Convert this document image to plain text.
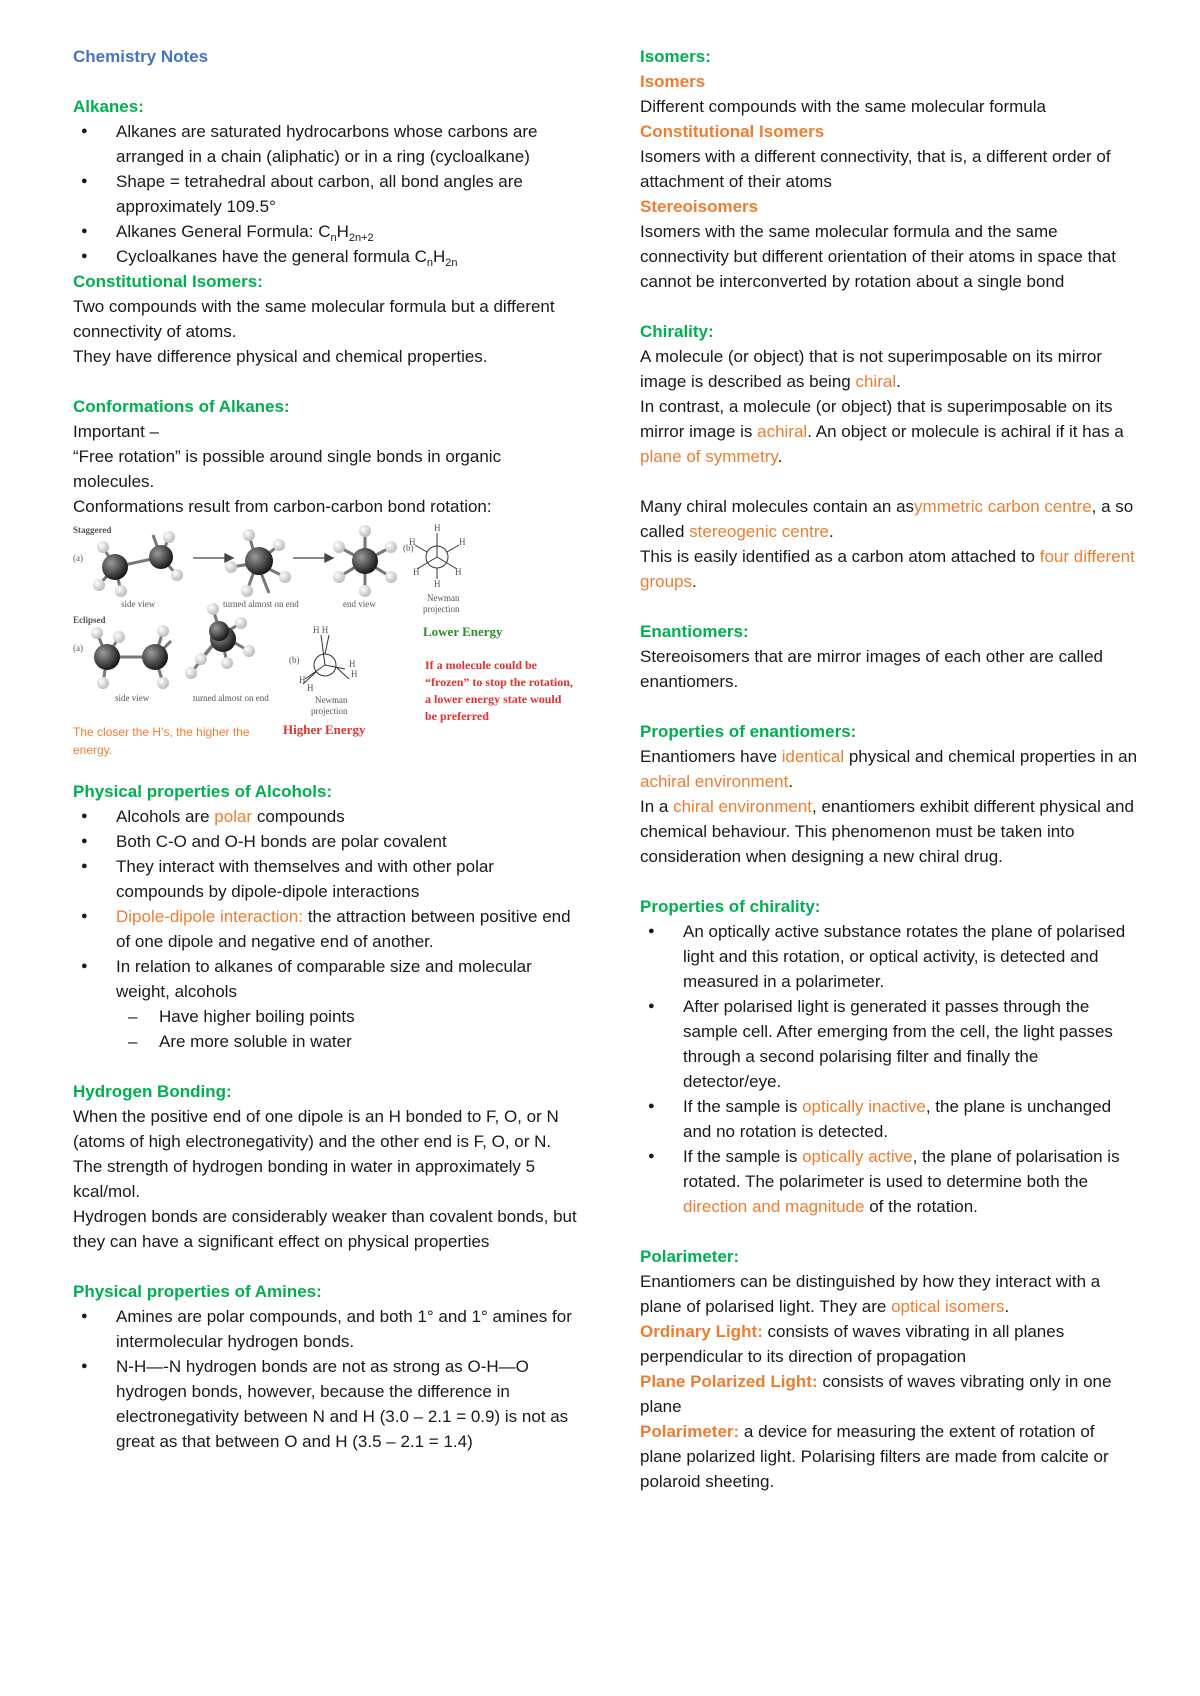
Chemistry Notes

Alkanes:

● Alkanes are saturated hydrocarbons whose carbons are arranged in a chain (aliphatic) or in a ring (cycloalkane)
● Shape = tetrahedral about carbon, all bond angles are approximately 109.5°
● Alkanes General Formula: $C_nH_{2n+2}$
● Cycloalkanes have the general formula $C_nH_{2n}$

Constitutional Isomers:

Two compounds with the same molecular formula but a different connectivity of atoms.

They have difference physical and chemical properties.

Conformations of Alkanes:

Important –

“Free rotation” is possible around single bonds in organic molecules.

Conformations result from carbon-carbon bond rotation:

Staggered
(a)
side view	turned almost on end	end view
(b)
Newman
projection
H
H
H
H	H
H
Eclipsed
(a)
side view	turned almost on end
(b)
H H
H
H
H
H
Newman
projection
Lower Energy
Higher Energy
If a molecule could be “frozen” to stop the rotation, a lower energy state would be preferred
The closer the H’s, the higher the energy.

Physical properties of Alcohols:

● Alcohols are polar compounds
● Both C-O and O-H bonds are polar covalent
● They interact with themselves and with other polar compounds by dipole-dipole interactions
● Dipole-dipole interaction: the attraction between positive end of one dipole and negative end of another.
● In relation to alkanes of comparable size and molecular weight, alcohols
– Have higher boiling points
– Are more soluble in water

Hydrogen Bonding:

When the positive end of one dipole is an H bonded to F, O, or N (atoms of high electronegativity) and the other end is F, O, or N.

The strength of hydrogen bonding in water in approximately 5 kcal/mol.

Hydrogen bonds are considerably weaker than covalent bonds, but they can have a significant effect on physical properties

Physical properties of Amines:

● Amines are polar compounds, and both 1° and 1° amines for intermolecular hydrogen bonds.
● N-H—-N hydrogen bonds are not as strong as O-H—O hydrogen bonds, however, because the difference in electronegativity between N and H (3.0 – 2.1 = 0.9) is not as great as that between O and H (3.5 – 2.1 = 1.4)

Isomers:

Isomers

Different compounds with the same molecular formula

Constitutional Isomers

Isomers with a different connectivity, that is, a different order of attachment of their atoms

Stereoisomers

Isomers with the same molecular formula and the same connectivity but different orientation of their atoms in space that cannot be interconverted by rotation about a single bond

Chirality:

A molecule (or object) that is not superimposable on its mirror image is described as being chiral.

In contrast, a molecule (or object) that is superimposable on its mirror image is achiral. An object or molecule is achiral if it has a plane of symmetry.

Many chiral molecules contain an asymmetric carbon centre, a so called stereogenic centre.

This is easily identified as a carbon atom attached to four different groups.

Enantiomers:

Stereoisomers that are mirror images of each other are called enantiomers.

Properties of enantiomers:

Enantiomers have identical physical and chemical properties in an achiral environment.

In a chiral environment, enantiomers exhibit different physical and chemical behaviour. This phenomenon must be taken into consideration when designing a new chiral drug.

Properties of chirality:

● An optically active substance rotates the plane of polarised light and this rotation, or optical activity, is detected and measured in a polarimeter.
● After polarised light is generated it passes through the sample cell. After emerging from the cell, the light passes through a second polarising filter and finally the detector/eye.
● If the sample is optically inactive, the plane is unchanged and no rotation is detected.
● If the sample is optically active, the plane of polarisation is rotated. The polarimeter is used to determine both the direction and magnitude of the rotation.

Polarimeter:

Enantiomers can be distinguished by how they interact with a plane of polarised light. They are optical isomers.

Ordinary Light: consists of waves vibrating in all planes perpendicular to its direction of propagation

Plane Polarized Light: consists of waves vibrating only in one plane

Polarimeter: a device for measuring the extent of rotation of plane polarized light. Polarising filters are made from calcite or polaroid sheeting.
